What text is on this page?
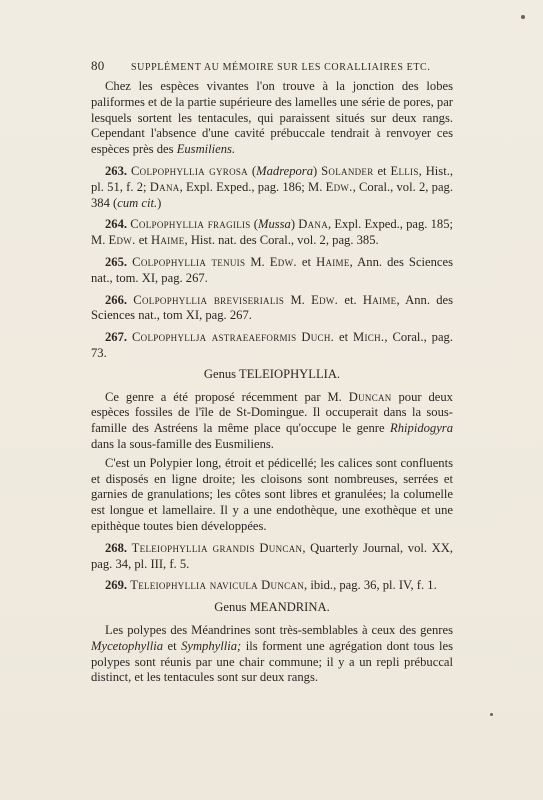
80	SUPPLÉMENT AU MÉMOIRE SUR LES CORALLIAIRES ETC.

Chez les espèces vivantes l'on trouve à la jonction des lobes paliformes et de la partie supérieure des lamelles une série de pores, par lesquels sortent les tentacules, qui paraissent situés sur deux rangs. Cependant l'absence d'une cavité prébuccale tendrait à renvoyer ces espèces près des Eusmiliens.

263. Colpophyllia gyrosa (Madrepora) Solander et Ellis, Hist., pl. 51, f. 2; Dana, Expl. Exped., pag. 186; M. Edw., Coral., vol. 2, pag. 384 (cum cit.)

264. Colpophyllia fragilis (Mussa) Dana, Expl. Exped., pag. 185; M. Edw. et Haime, Hist. nat. des Coral., vol. 2, pag. 385.

265. Colpophyllia tenuis M. Edw. et Haime, Ann. des Sciences nat., tom. XI, pag. 267.

266. Colpophyllia breviserialis M. Edw. et. Haime, Ann. des Sciences nat., tom XI, pag. 267.

267. Colpophyllja astraeaeformis Duch. et Mich., Coral., pag. 73.

Genus TELEIOPHYLLIA.

Ce genre a été proposé récemment par M. Duncan pour deux espèces fossiles de l'île de St-Domingue. Il occuperait dans la sous-famille des Astréens la même place qu'occupe le genre Rhipidogyra dans la sous-famille des Eusmiliens.

C'est un Polypier long, étroit et pédicellé; les calices sont confluents et disposés en ligne droite; les cloisons sont nombreuses, serrées et garnies de granulations; les côtes sont libres et granulées; la columelle est longue et lamellaire. Il y a une endothèque, une exothèque et une epithèque toutes bien développées.

268. Teleiophyllia grandis Duncan, Quarterly Journal, vol. XX, pag. 34, pl. III, f. 5.

269. Teleiophyllia navicula Duncan, ibid., pag. 36, pl. IV, f. 1.

Genus MEANDRINA.

Les polypes des Méandrines sont très-semblables à ceux des genres Mycetophyllia et Symphyllia; ils forment une agrégation dont tous les polypes sont réunis par une chair commune; il y a un repli prébuccal distinct, et les tentacules sont sur deux rangs.
